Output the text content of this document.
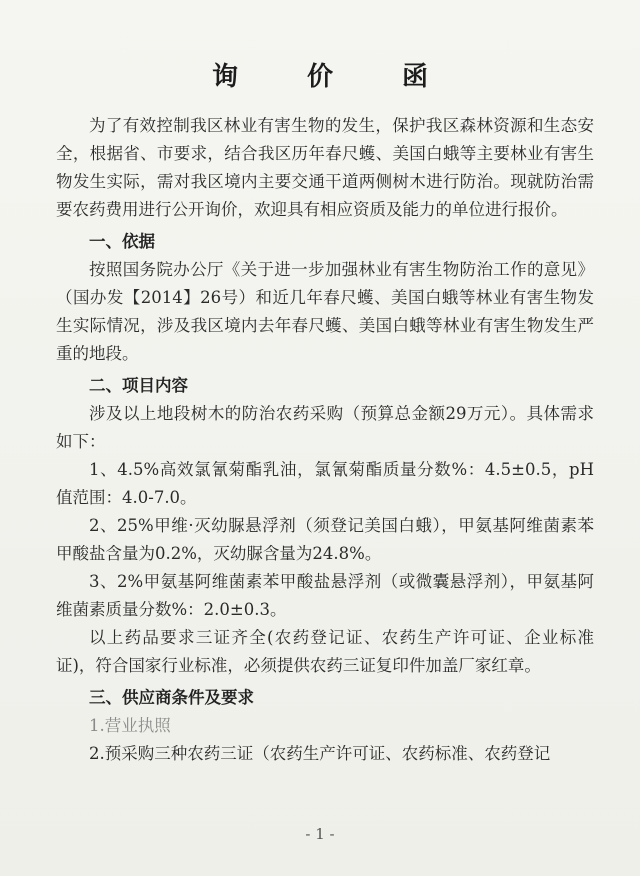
询 价 函

为了有效控制我区林业有害生物的发生，保护我区森林资源和生态安全，根据省、市要求，结合我区历年春尺蠖、美国白蛾等主要林业有害生物发生实际，需对我区境内主要交通干道两侧树木进行防治。现就防治需要农药费用进行公开询价，欢迎具有相应资质及能力的单位进行报价。

一、依据

按照国务院办公厅《关于进一步加强林业有害生物防治工作的意见》（国办发【2014】26号）和近几年春尺蠖、美国白蛾等林业有害生物发生实际情况，涉及我区境内去年春尺蠖、美国白蛾等林业有害生物发生严重的地段。

二、项目内容

涉及以上地段树木的防治农药采购（预算总金额29万元）。具体需求如下：

1、4.5%高效氯氰菊酯乳油，氯氰菊酯质量分数%：4.5±0.5，pH值范围：4.0-7.0。

2、25%甲维·灭幼脲悬浮剂（须登记美国白蛾），甲氨基阿维菌素苯甲酸盐含量为0.2%，灭幼脲含量为24.8%。

3、2%甲氨基阿维菌素苯甲酸盐悬浮剂（或微囊悬浮剂），甲氨基阿维菌素质量分数%：2.0±0.3。

以上药品要求三证齐全(农药登记证、农药生产许可证、企业标准证)，符合国家行业标准，必须提供农药三证复印件加盖厂家红章。

三、供应商条件及要求

1.营业执照

2.预采购三种农药三证（农药生产许可证、农药标准、农药登记

- 1 -
